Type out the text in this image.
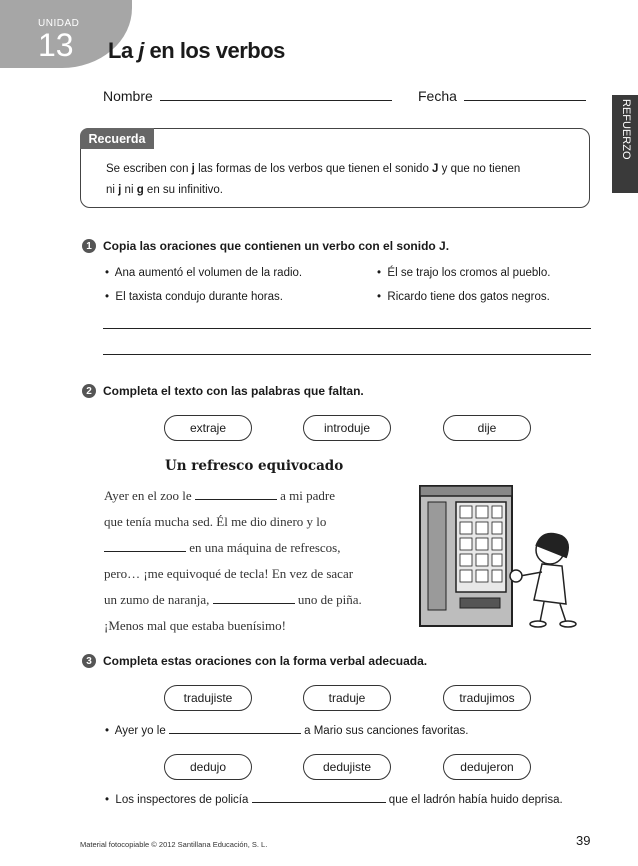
UNIDAD
13 La j en los verbos
REFUERZO
Nombre	Fecha
Recuerda
Se escriben con j las formas de los verbos que tienen el sonido J y que no tienen
ni j ni g en su infinitivo.
1 Copia las oraciones que contienen un verbo con el sonido J.
•  Ana aumentó el volumen de la radio.	•  Él se trajo los cromos al pueblo.
•  El taxista condujo durante horas.	•  Ricardo tiene dos gatos negros.
2 Completa el texto con las palabras que faltan.
extraje	introduje	dije
Un refresco equivocado
Ayer en el zoo le	a mi padre
que tenía mucha sed. Él me dio dinero y lo
en una máquina de refrescos,
pero… ¡me equivoqué de tecla! En vez de sacar
un zumo de naranja,	uno de piña.
¡Menos mal que estaba buenísimo!
3 Completa estas oraciones con la forma verbal adecuada.
tradujiste	traduje	tradujimos
•  Ayer yo le	a Mario sus canciones favoritas.
dedujo	dedujiste	dedujeron
•  Los inspectores de policía	que el ladrón había huido deprisa.
Material fotocopiable © 2012 Santillana Educación, S. L.	39
